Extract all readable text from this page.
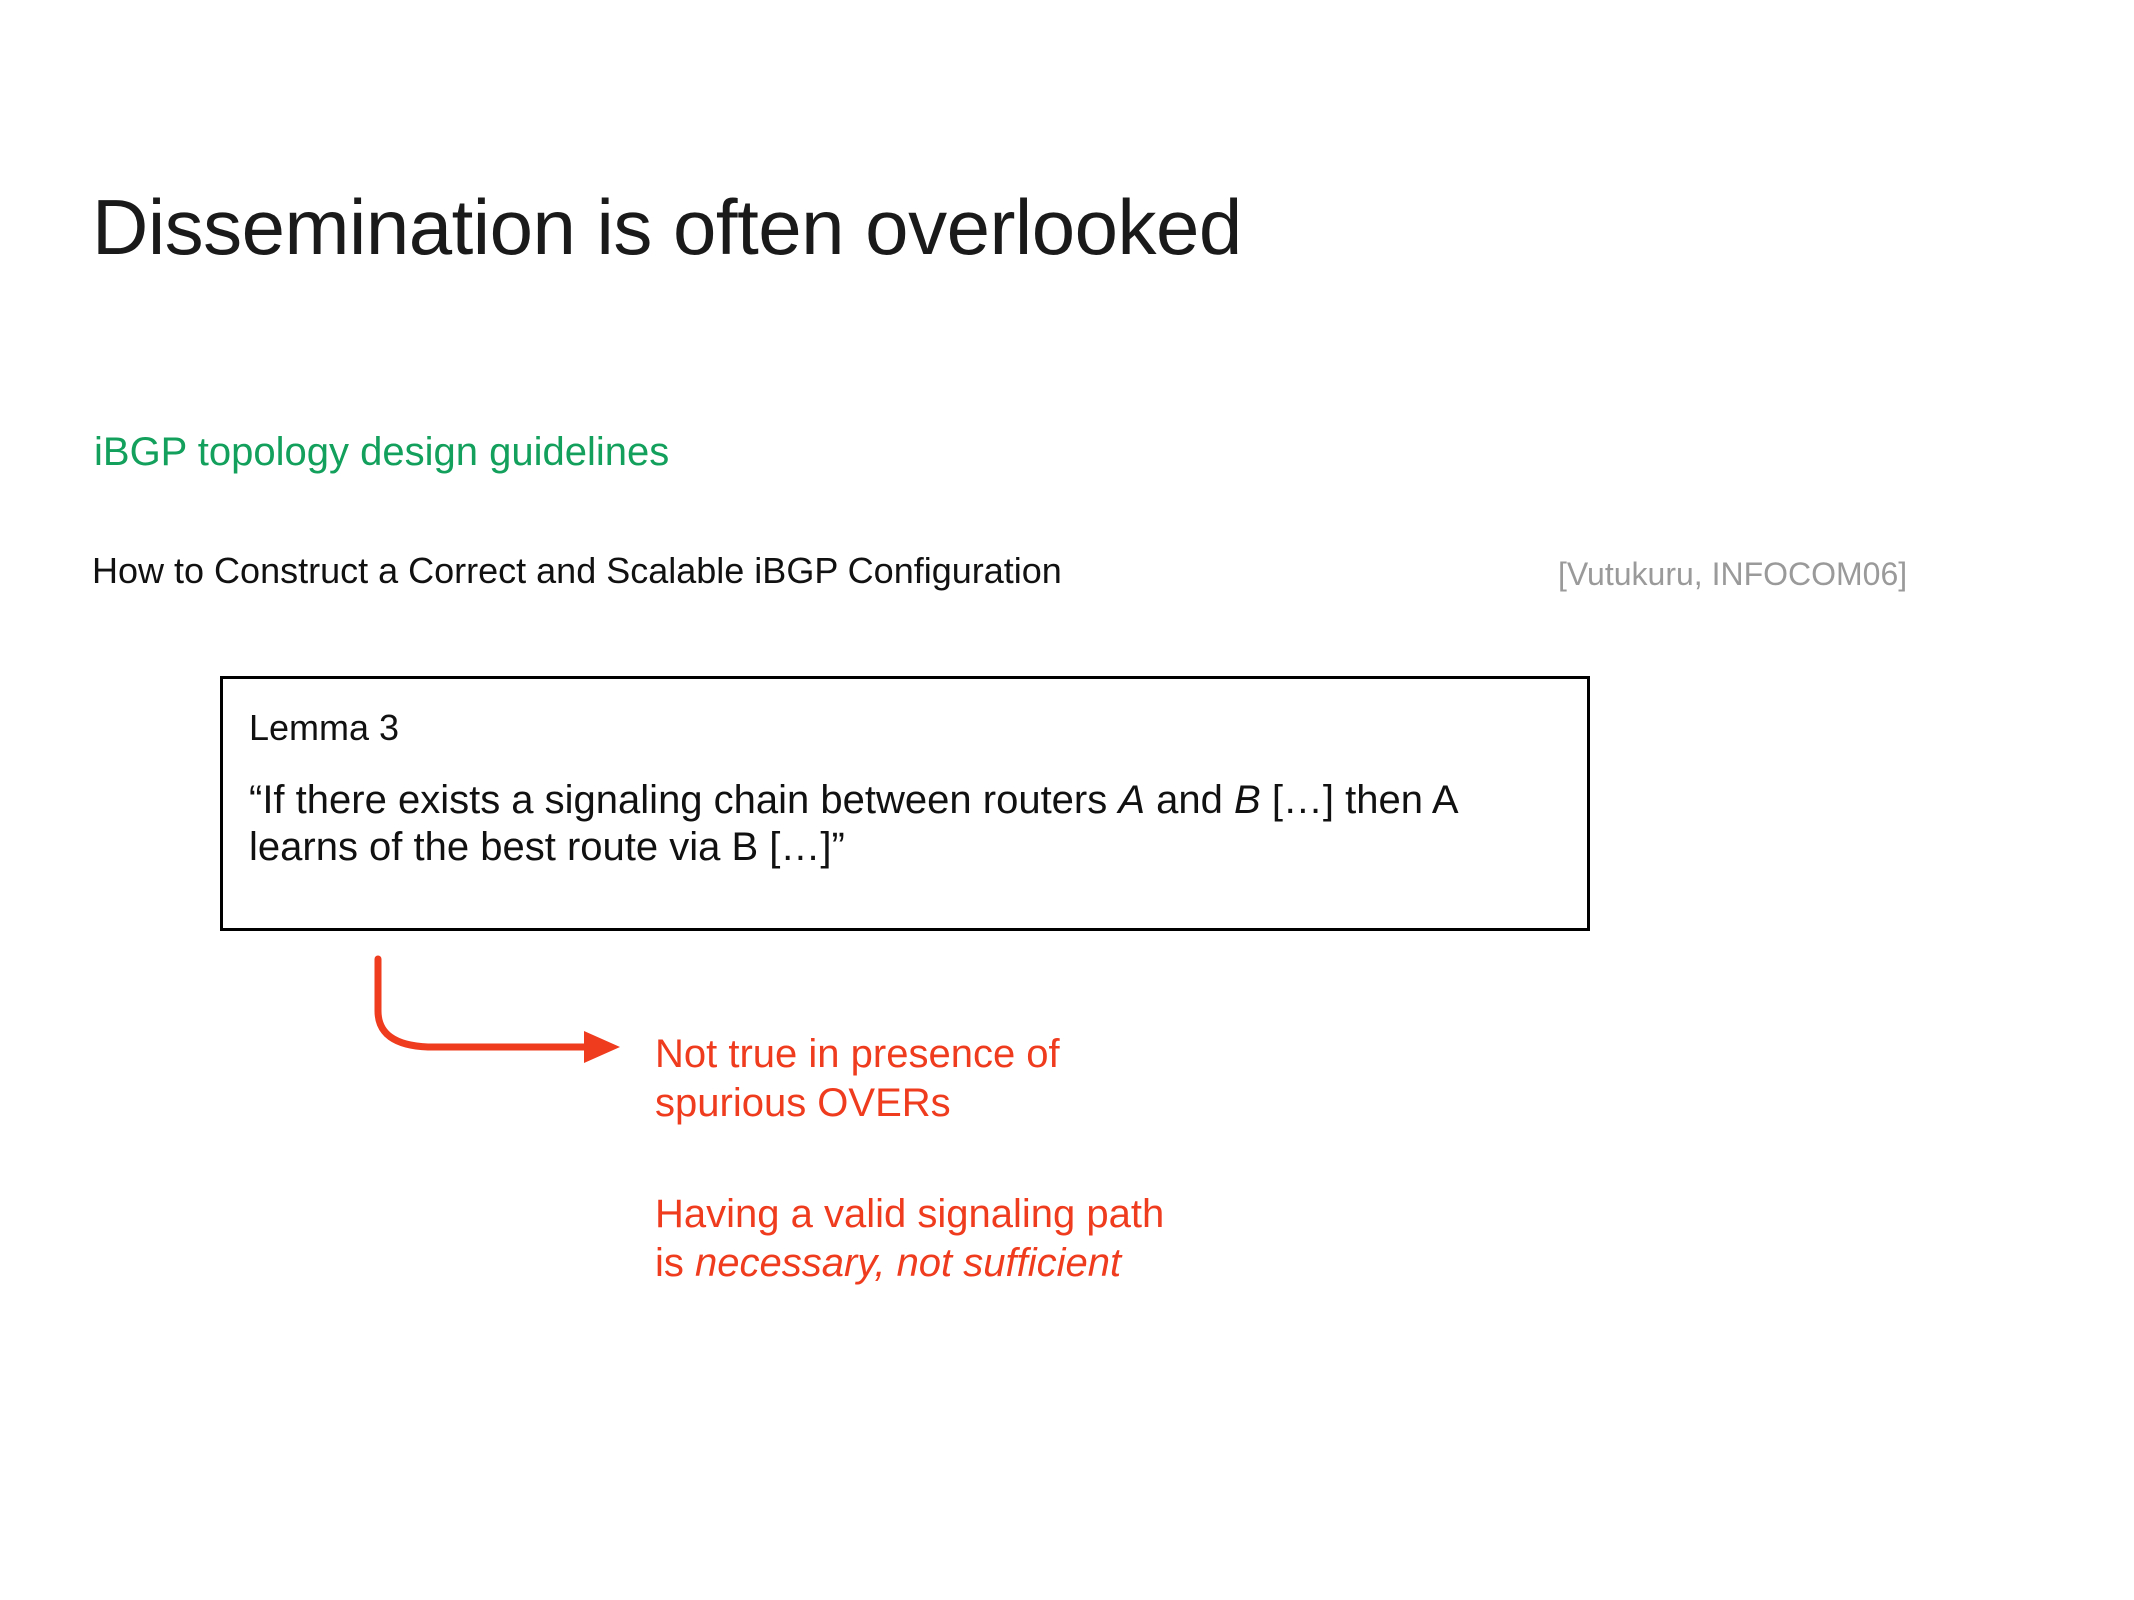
Dissemination is often overlooked
iBGP topology design guidelines
How to Construct a Correct and Scalable iBGP Configuration	[Vutukuru, INFOCOM06]
Lemma 3
“If there exists a signaling chain between routers A and B […] then A learns of the best route via B […]”
Not true in presence of
spurious OVERs
Having a valid signaling path
is necessary, not sufficient
